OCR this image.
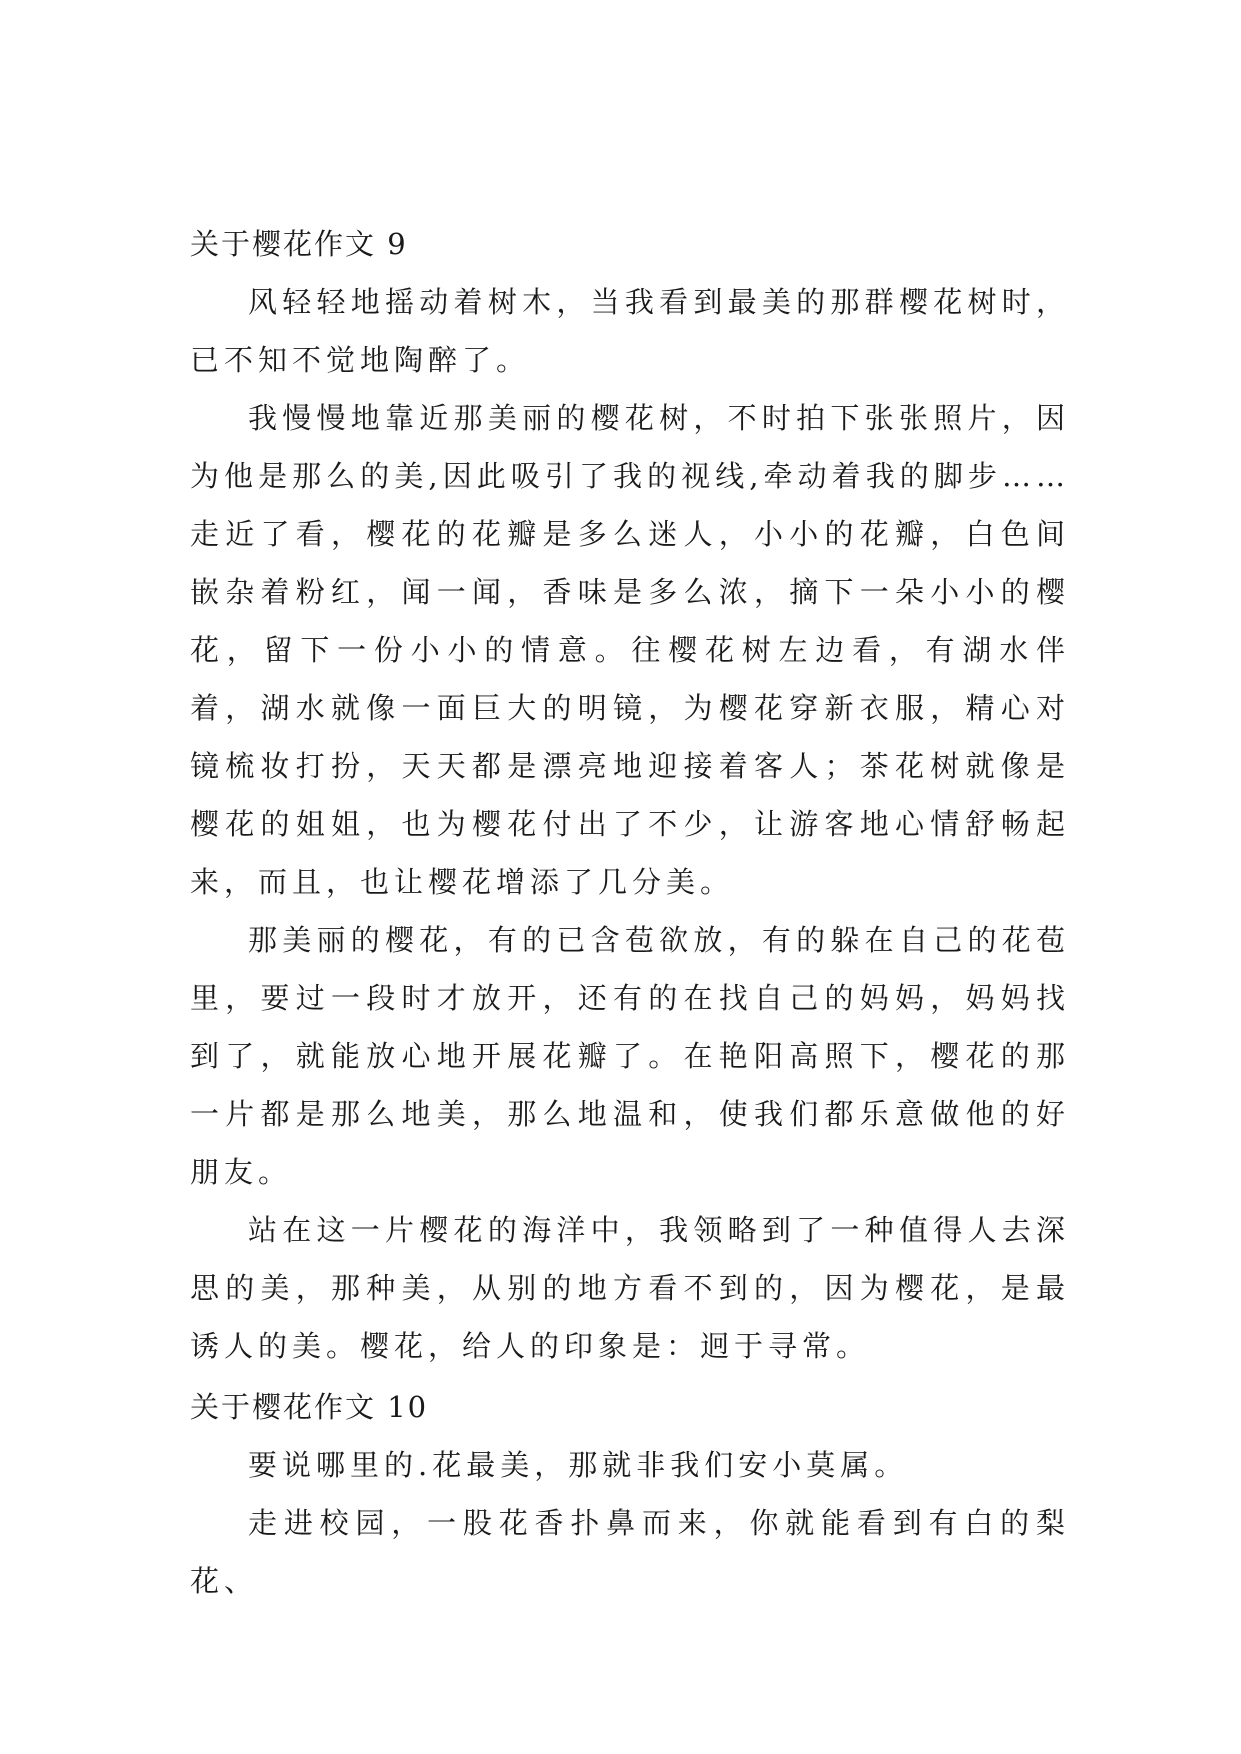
关于樱花作文 9

风轻轻地摇动着树木，当我看到最美的那群樱花树时，已不知不觉地陶醉了。

我慢慢地靠近那美丽的樱花树，不时拍下张张照片，因为他是那么的美,因此吸引了我的视线,牵动着我的脚步……走近了看，樱花的花瓣是多么迷人，小小的花瓣，白色间嵌杂着粉红，闻一闻，香味是多么浓，摘下一朵小小的樱花，留下一份小小的情意。往樱花树左边看，有湖水伴着，湖水就像一面巨大的明镜，为樱花穿新衣服，精心对镜梳妆打扮，天天都是漂亮地迎接着客人；茶花树就像是樱花的姐姐，也为樱花付出了不少，让游客地心情舒畅起来，而且，也让樱花增添了几分美。

那美丽的樱花，有的已含苞欲放，有的躲在自己的花苞里，要过一段时才放开，还有的在找自己的妈妈，妈妈找到了，就能放心地开展花瓣了。在艳阳高照下，樱花的那一片都是那么地美，那么地温和，使我们都乐意做他的好朋友。

站在这一片樱花的海洋中，我领略到了一种值得人去深思的美，那种美，从别的地方看不到的，因为樱花，是最诱人的美。樱花，给人的印象是：迥于寻常。

关于樱花作文 10

要说哪里的.花最美，那就非我们安小莫属。

走进校园，一股花香扑鼻而来，你就能看到有白的梨花、
